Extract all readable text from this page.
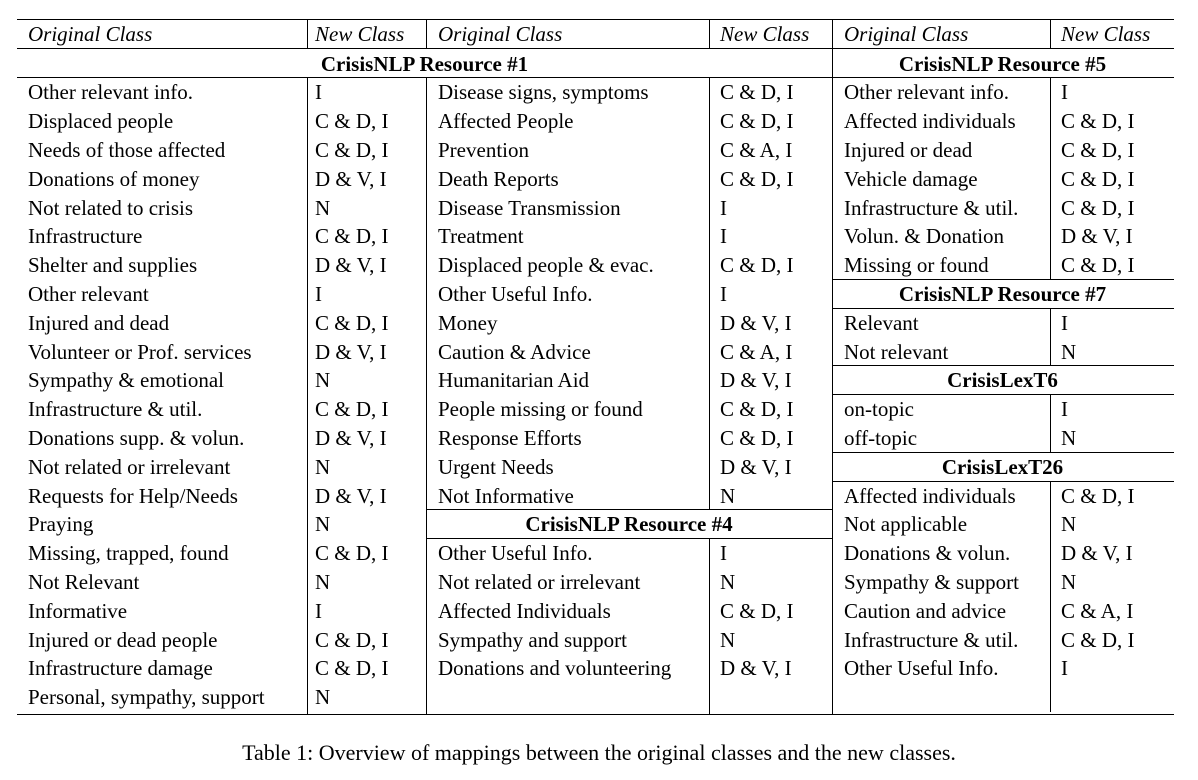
Original Class	New Class Original Class	New Class Original Class	New Class
CrisisNLP Resource #1
Other relevant info.	I
Displaced people	C & D, I
Needs of those affected	C & D, I
Donations of money	D & V, I
Not related to crisis	N
Infrastructure	C & D, I
Shelter and supplies	D & V, I
Other relevant	I
Injured and dead	C & D, I
Volunteer or Prof. services	D & V, I
Sympathy & emotional	N
Infrastructure & util.	C & D, I
Donations supp. & volun.	D & V, I
Not related or irrelevant	N
Requests for Help/Needs	D & V, I
Praying	N
Missing, trapped, found	C & D, I
Not Relevant	N
Informative	I
Injured or dead people	C & D, I
Infrastructure damage	C & D, I
Personal, sympathy, support N
Disease signs, symptoms	C & D, I
Affected People	C & D, I
Prevention	C & A, I
Death Reports	C & D, I
Disease Transmission	I
Treatment	I
Displaced people & evac.	C & D, I
Other Useful Info.	I
Money	D & V, I
Caution & Advice	C & A, I
Humanitarian Aid	D & V, I
People missing or found	C & D, I
Response Efforts	C & D, I
Urgent Needs	D & V, I
Not Informative	N
CrisisNLP Resource #4
Other Useful Info.	I
Not related or irrelevant	N
Affected Individuals	C & D, I
Sympathy and support	N
Donations and volunteering D & V, I
CrisisNLP Resource #5
Other relevant info. I
Affected individuals C & D, I
Injured or dead	C & D, I
Vehicle damage	C & D, I
Infrastructure & util. C & D, I
Volun. & Donation	D & V, I
Missing or found	C & D, I
CrisisNLP Resource #7
Relevant	I
Not relevant	N
CrisisLexT6
on-topic	I
off-topic	N
CrisisLexT26
Affected individuals C & D, I
Not applicable	N
Donations & volun. D & V, I
Sympathy & support N
Caution and advice	C & A, I
Infrastructure & util. C & D, I
Other Useful Info.	I
Table 1: Overview of mappings between the original classes and the new classes.
